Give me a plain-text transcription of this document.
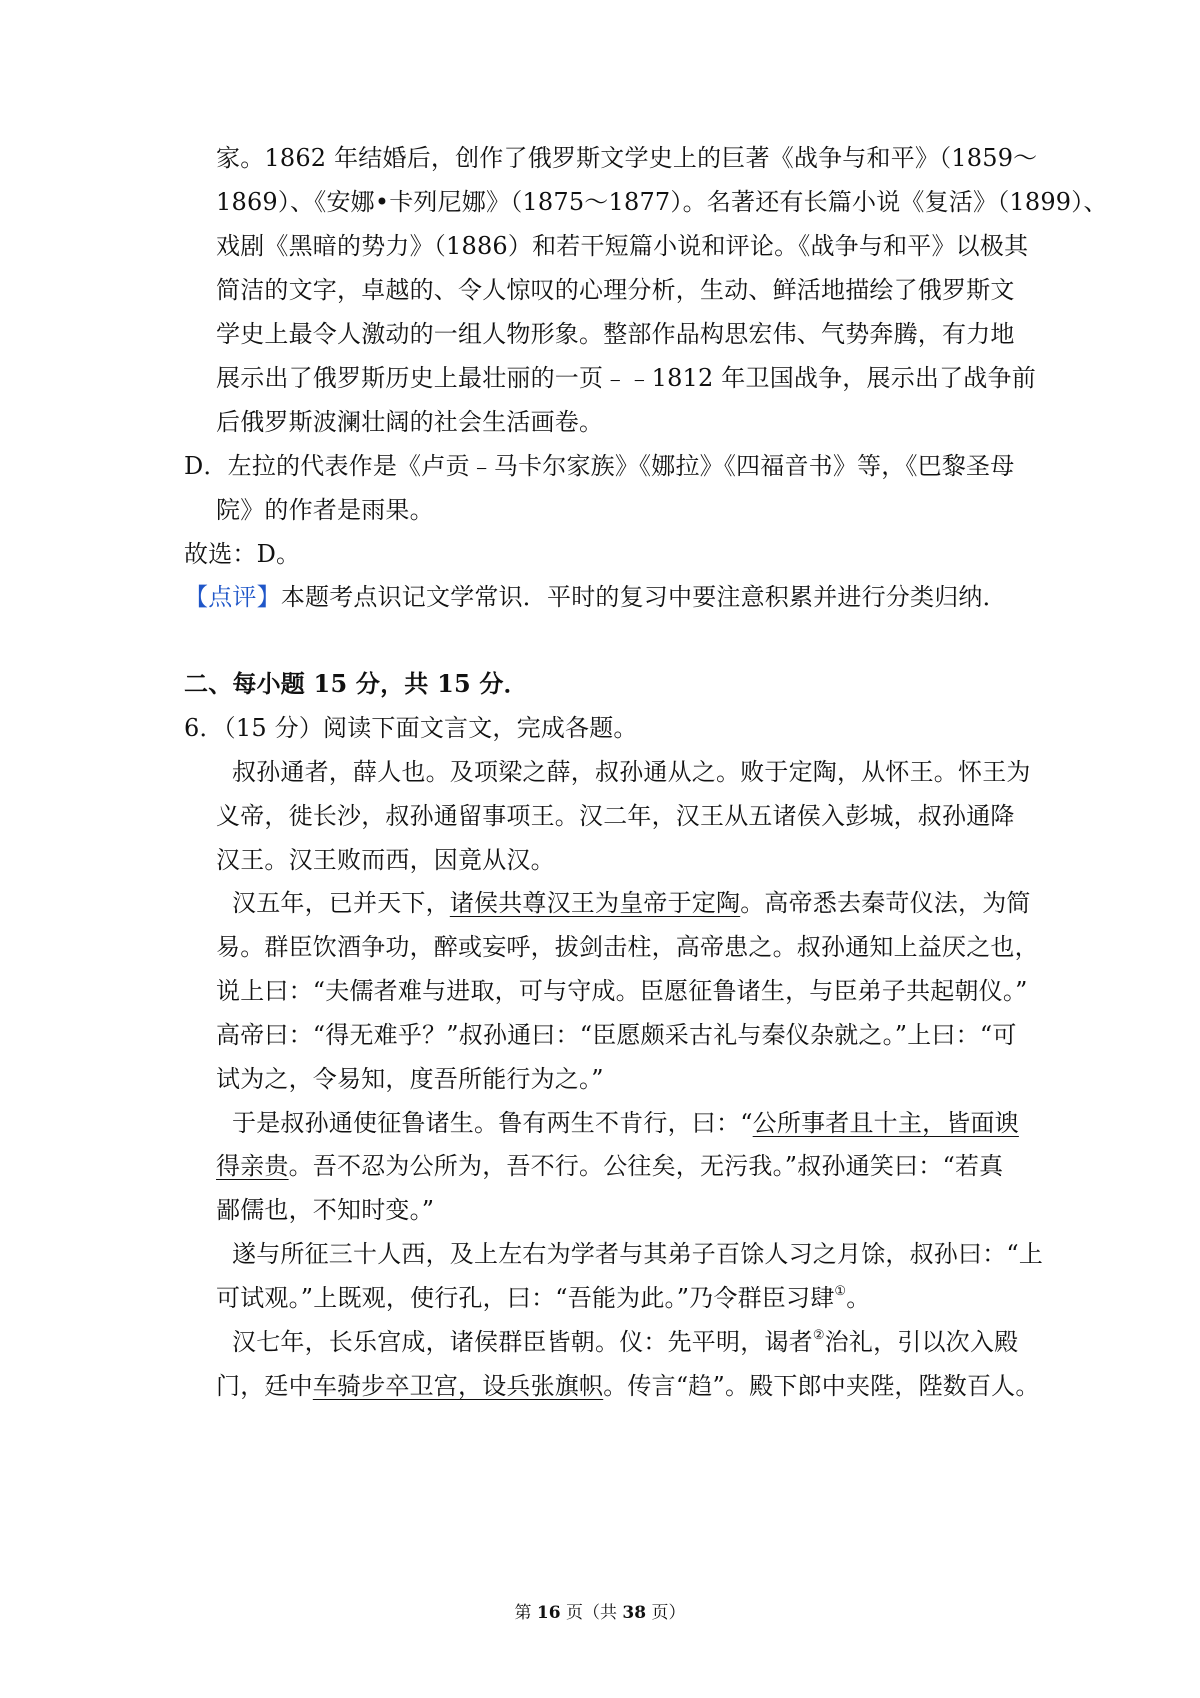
家。1862 年结婚后，创作了俄罗斯文学史上的巨著《战争与和平》（1859～
1869）、《安娜•卡列尼娜》（1875～1877）。名著还有长篇小说《复活》（1899）、
戏剧《黑暗的势力》（1886）和若干短篇小说和评论。《战争与和平》以极其
简洁的文字，卓越的、令人惊叹的心理分析，生动、鲜活地描绘了俄罗斯文
学史上最令人激动的一组人物形象。整部作品构思宏伟、气势奔腾，有力地
展示出了俄罗斯历史上最壮丽的一页﹣﹣1812 年卫国战争，展示出了战争前
后俄罗斯波澜壮阔的社会生活画卷。
D．左拉的代表作是《卢贡﹣马卡尔家族》《娜拉》《四福音书》等，《巴黎圣母
院》的作者是雨果。
故选：D。
【点评】本题考点识记文学常识．平时的复习中要注意积累并进行分类归纳．
二、每小题 15 分，共 15 分．
6．（15 分）阅读下面文言文，完成各题。
叔孙通者，薛人也。及项梁之薛，叔孙通从之。败于定陶，从怀王。怀王为
义帝，徙长沙，叔孙通留事项王。汉二年，汉王从五诸侯入彭城，叔孙通降
汉王。汉王败而西，因竟从汉。
汉五年，已并天下，诸侯共尊汉王为皇帝于定陶。高帝悉去秦苛仪法，为简
易。群臣饮酒争功，醉或妄呼，拔剑击柱，高帝患之。叔孙通知上益厌之也，
说上曰：“夫儒者难与进取，可与守成。臣愿征鲁诸生，与臣弟子共起朝仪。”
高帝曰：“得无难乎？”叔孙通曰：“臣愿颇采古礼与秦仪杂就之。”上曰：“可
试为之，令易知，度吾所能行为之。”
于是叔孙通使征鲁诸生。鲁有两生不肯行，曰：“公所事者且十主，皆面谀
得亲贵。吾不忍为公所为，吾不行。公往矣，无污我。”叔孙通笑曰：“若真
鄙儒也，不知时变。”
遂与所征三十人西，及上左右为学者与其弟子百馀人习之月馀，叔孙曰：“上
可试观。”上既观，使行孔，曰：“吾能为此。”乃令群臣习肆①。
汉七年，长乐宫成，诸侯群臣皆朝。仪：先平明，谒者②治礼，引以次入殿
门，廷中车骑步卒卫宫，设兵张旗帜。传言“趋”。殿下郎中夹陛，陛数百人。
第 16 页（共 38 页）
